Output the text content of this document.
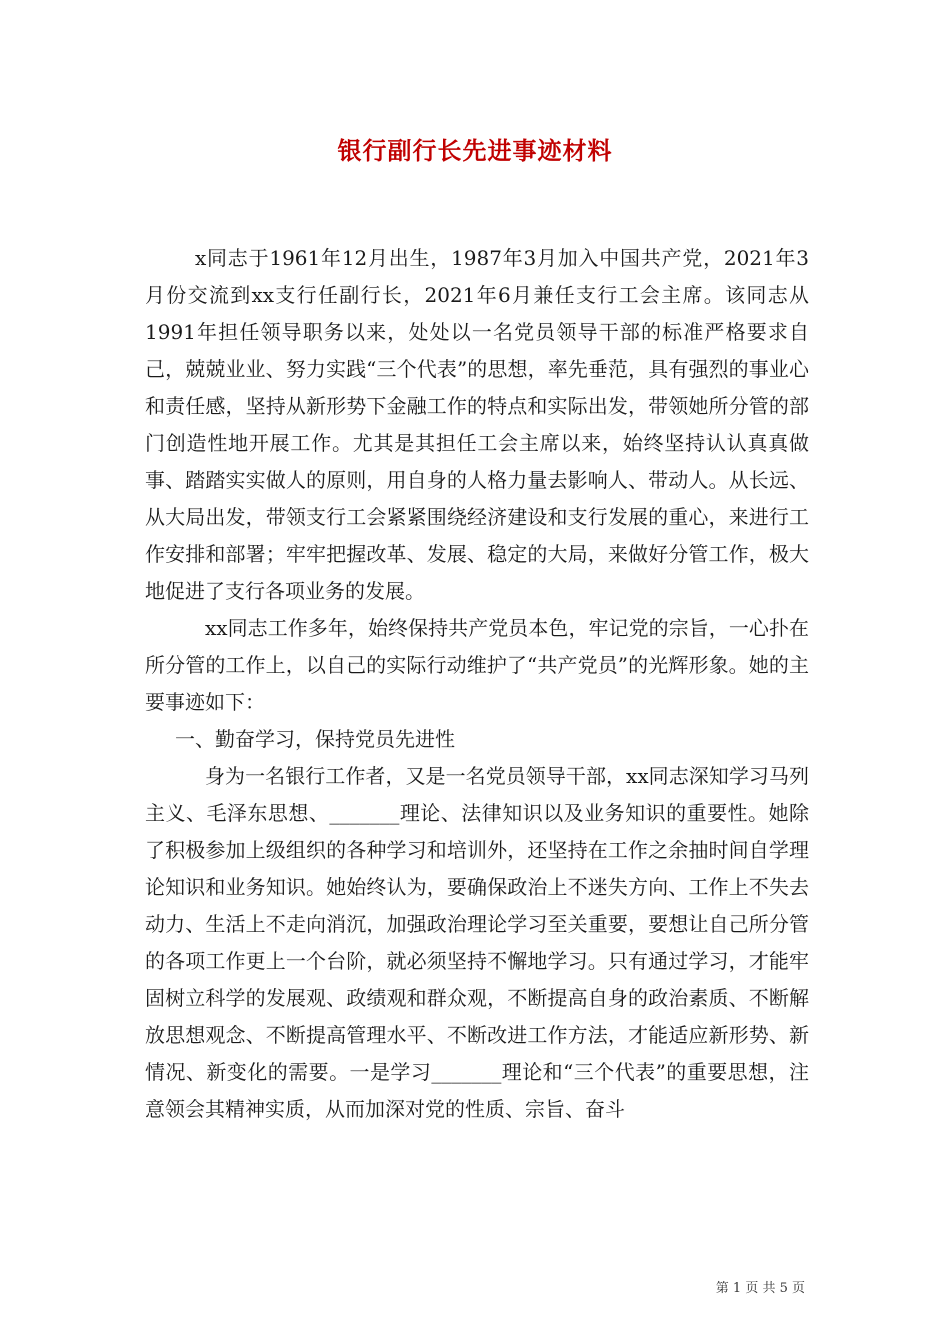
银行副行长先进事迹材料

x同志于1961年12月出生，1987年3月加入中国共产党，2021年3月份交流到xx支行任副行长，2021年6月兼任支行工会主席。该同志从1991年担任领导职务以来，处处以一名党员领导干部的标准严格要求自己，兢兢业业、努力实践“三个代表”的思想，率先垂范，具有强烈的事业心和责任感，坚持从新形势下金融工作的特点和实际出发，带领她所分管的部门创造性地开展工作。尤其是其担任工会主席以来，始终坚持认认真真做事、踏踏实实做人的原则，用自身的人格力量去影响人、带动人。从长远、从大局出发，带领支行工会紧紧围绕经济建设和支行发展的重心，来进行工作安排和部署；牢牢把握改革、发展、稳定的大局，来做好分管工作，极大地促进了支行各项业务的发展。

xx同志工作多年，始终保持共产党员本色，牢记党的宗旨，一心扑在所分管的工作上，以自己的实际行动维护了“共产党员”的光辉形象。她的主要事迹如下：

一、勤奋学习，保持党员先进性

身为一名银行工作者，又是一名党员领导干部，xx同志深知学习马列主义、毛泽东思想、_______理论、法律知识以及业务知识的重要性。她除了积极参加上级组织的各种学习和培训外，还坚持在工作之余抽时间自学理论知识和业务知识。她始终认为，要确保政治上不迷失方向、工作上不失去动力、生活上不走向消沉，加强政治理论学习至关重要，要想让自己所分管的各项工作更上一个台阶，就必须坚持不懈地学习。只有通过学习，才能牢固树立科学的发展观、政绩观和群众观，不断提高自身的政治素质、不断解放思想观念、不断提高管理水平、不断改进工作方法，才能适应新形势、新情况、新变化的需要。一是学习_______理论和“三个代表”的重要思想，注意领会其精神实质，从而加深对党的性质、宗旨、奋斗

第 1 页 共 5 页
